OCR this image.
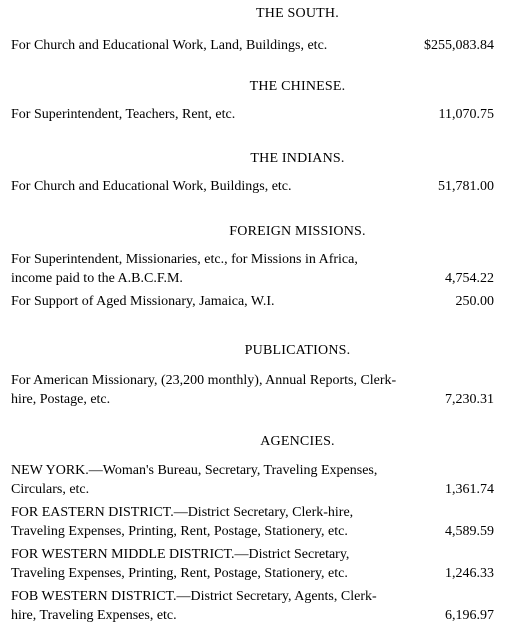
THE SOUTH.
For Church and Educational Work, Land, Buildings, etc.	$255,083.84
THE CHINESE.
For Superintendent, Teachers, Rent, etc.	11,070.75
THE INDIANS.
For Church and Educational Work, Buildings, etc.	51,781.00
FOREIGN MISSIONS.
For Superintendent, Missionaries, etc., for Missions in Africa, income paid to the A.B.C.F.M.	4,754.22
For Support of Aged Missionary, Jamaica, W.I.	250.00
PUBLICATIONS.
For American Missionary, (23,200 monthly), Annual Reports, Clerk-hire, Postage, etc.	7,230.31
AGENCIES.
NEW YORK.—Woman's Bureau, Secretary, Traveling Expenses, Circulars, etc.	1,361.74
FOR EASTERN DISTRICT.—District Secretary, Clerk-hire, Traveling Expenses, Printing, Rent, Postage, Stationery, etc.	4,589.59
FOR WESTERN MIDDLE DISTRICT.—District Secretary, Traveling Expenses, Printing, Rent, Postage, Stationery, etc.	1,246.33
FOB WESTERN DISTRICT.—District Secretary, Agents, Clerk-hire, Traveling Expenses, etc.	6,196.97
